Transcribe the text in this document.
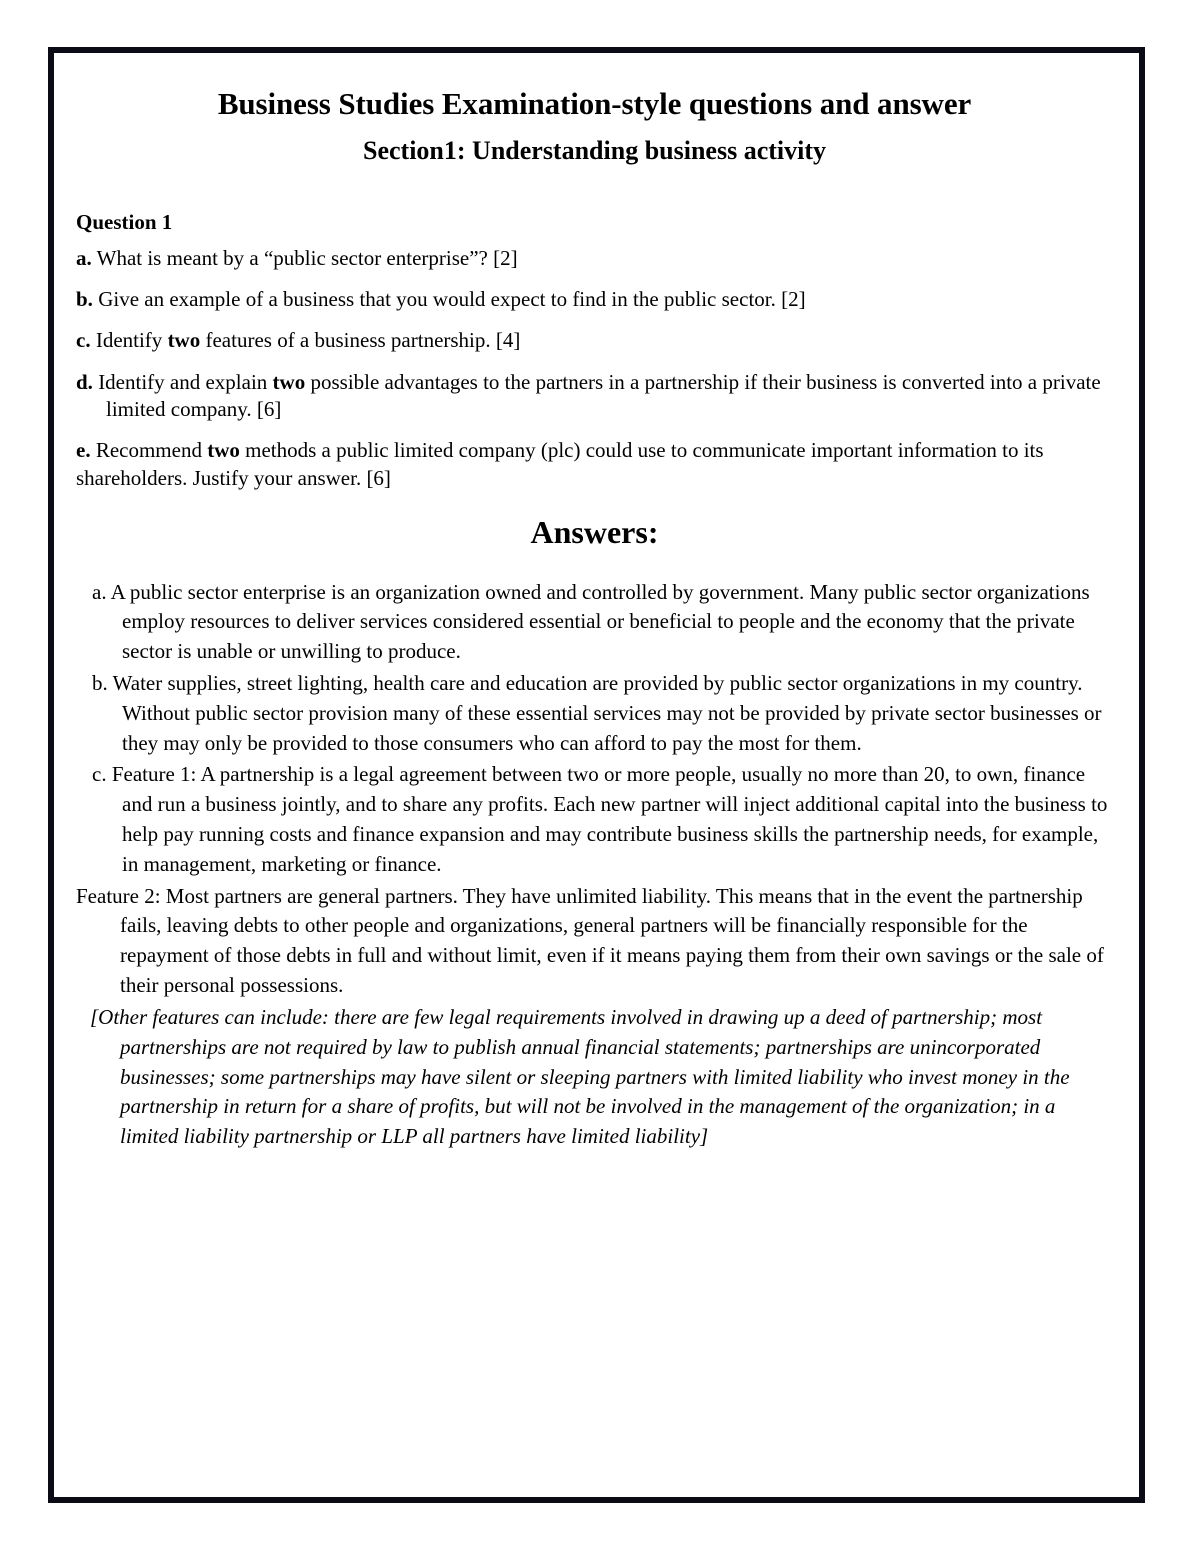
Business Studies Examination-style questions and answer
Section1: Understanding business activity
Question 1
a. What is meant by a “public sector enterprise”? [2]
b. Give an example of a business that you would expect to find in the public sector. [2]
c. Identify two features of a business partnership. [4]
d. Identify and explain two possible advantages to the partners in a partnership if their business is converted into a private limited company. [6]
e. Recommend two methods a public limited company (plc) could use to communicate important information to its shareholders. Justify your answer. [6]
Answers:
a. A public sector enterprise is an organization owned and controlled by government. Many public sector organizations employ resources to deliver services considered essential or beneficial to people and the economy that the private sector is unable or unwilling to produce.
b. Water supplies, street lighting, health care and education are provided by public sector organizations in my country. Without public sector provision many of these essential services may not be provided by private sector businesses or they may only be provided to those consumers who can afford to pay the most for them.
c. Feature 1: A partnership is a legal agreement between two or more people, usually no more than 20, to own, finance and run a business jointly, and to share any profits. Each new partner will inject additional capital into the business to help pay running costs and finance expansion and may contribute business skills the partnership needs, for example, in management, marketing or finance.
Feature 2: Most partners are general partners. They have unlimited liability. This means that in the event the partnership fails, leaving debts to other people and organizations, general partners will be financially responsible for the repayment of those debts in full and without limit, even if it means paying them from their own savings or the sale of their personal possessions.

[Other features can include: there are few legal requirements involved in drawing up a deed of partnership; most partnerships are not required by law to publish annual financial statements; partnerships are unincorporated businesses; some partnerships may have silent or sleeping partners with limited liability who invest money in the partnership in return for a share of profits, but will not be involved in the management of the organization; in a limited liability partnership or LLP all partners have limited liability]
